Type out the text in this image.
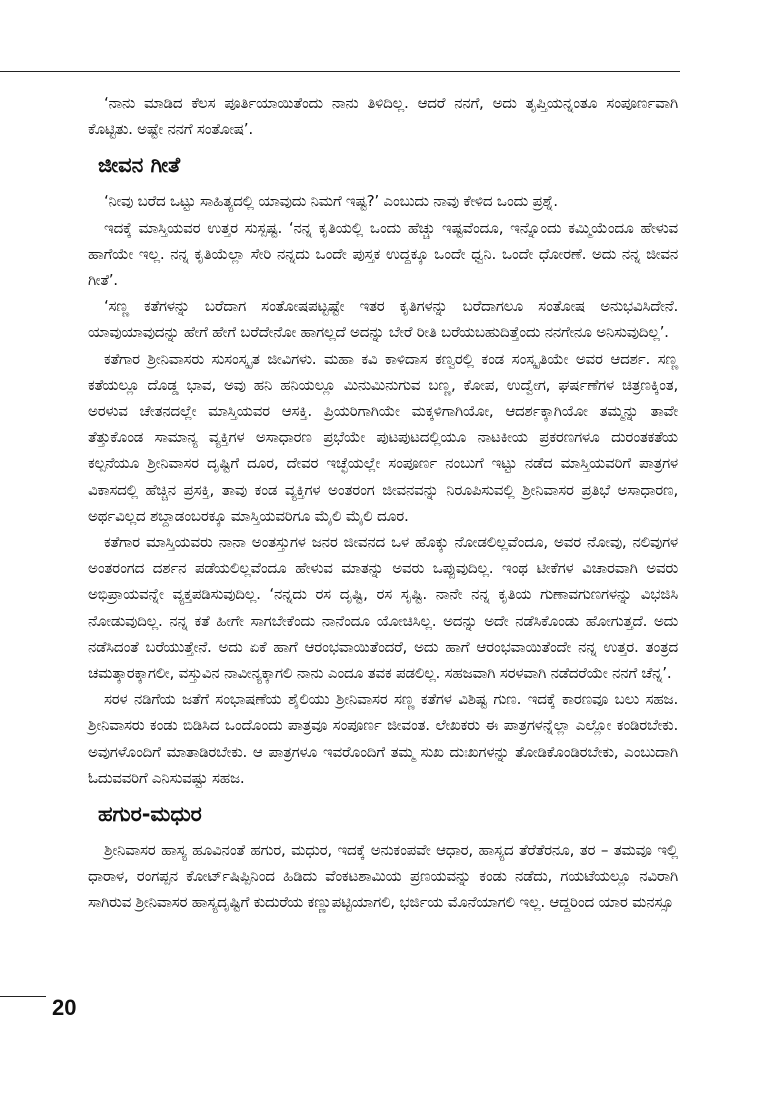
‘ನಾನು ಮಾಡಿದ ಕೆಲಸ ಪೂರ್ತಿಯಾಯಿತೆಂದು ನಾನು ತಿಳಿದಿಲ್ಲ. ಆದರೆ ನನಗೆ, ಅದು ತೃಪ್ತಿಯನ್ನಂತೂ ಸಂಪೂರ್ಣವಾಗಿ ಕೊಟ್ಟಿತು. ಅಷ್ಟೇ ನನಗೆ ಸಂತೋಷ’.

ಜೀವನ ಗೀತೆ

‘ನೀವು ಬರೆದ ಒಟ್ಟು ಸಾಹಿತ್ಯದಲ್ಲಿ ಯಾವುದು ನಿಮಗೆ ಇಷ್ಟ?’ ಎಂಬುದು ನಾವು ಕೇಳಿದ ಒಂದು ಪ್ರಶ್ನೆ.

ಇದಕ್ಕೆ ಮಾಸ್ತಿಯವರ ಉತ್ತರ ಸುಸ್ಪಷ್ಟ. ‘ನನ್ನ ಕೃತಿಯಲ್ಲಿ ಒಂದು ಹೆಚ್ಚು ಇಷ್ಟವೆಂದೂ, ಇನ್ನೊಂದು ಕಮ್ಮಿಯೆಂದೂ ಹೇಳುವ ಹಾಗೆಯೇ ಇಲ್ಲ. ನನ್ನ ಕೃತಿಯೆಲ್ಲಾ ಸೇರಿ ನನ್ನದು ಒಂದೇ ಪುಸ್ತಕ ಉದ್ದಕ್ಕೂ ಒಂದೇ ಧ್ವನಿ. ಒಂದೇ ಧೋರಣೆ. ಅದು ನನ್ನ ಜೀವನ ಗೀತೆ’.

‘ಸಣ್ಣ ಕತೆಗಳನ್ನು ಬರೆದಾಗ ಸಂತೋಷಪಟ್ಟಷ್ಟೇ ಇತರ ಕೃತಿಗಳನ್ನು ಬರೆದಾಗಲೂ ಸಂತೋಷ ಅನುಭವಿಸಿದೇನೆ. ಯಾವುಯಾವುದನ್ನು ಹೇಗೆ ಹೇಗೆ ಬರೆದೇನೋ ಹಾಗಲ್ಲದೆ ಅದನ್ನು ಬೇರೆ ರೀತಿ ಬರೆಯಬಹುದಿತ್ತೆಂದು ನನಗೇನೂ ಅನಿಸುವುದಿಲ್ಲ’.

ಕತೆಗಾರ ಶ್ರೀನಿವಾಸರು ಸುಸಂಸ್ಕೃತ ಜೀವಿಗಳು. ಮಹಾ ಕವಿ ಕಾಳಿದಾಸ ಕಣ್ವರಲ್ಲಿ ಕಂಡ ಸಂಸ್ಕೃತಿಯೇ ಅವರ ಆದರ್ಶ. ಸಣ್ಣ ಕತೆಯಲ್ಲೂ ದೊಡ್ಡ ಭಾವ, ಅವು ಹನಿ ಹನಿಯಲ್ಲೂ ಮಿನುಮಿನುಗುವ ಬಣ್ಣ, ಕೋಪ, ಉದ್ವೇಗ, ಘರ್ಷಣೆಗಳ ಚಿತ್ರಣಕ್ಕಿಂತ, ಅರಳುವ ಚೇತನದಲ್ಲೇ ಮಾಸ್ತಿಯವರ ಆಸಕ್ತಿ. ಪ್ರಿಯರಿಗಾಗಿಯೇ ಮಕ್ಕಳಿಗಾಗಿಯೋ, ಆದರ್ಶಕ್ಕಾಗಿಯೋ ತಮ್ಮನ್ನು ತಾವೇ ತೆತ್ತುಕೊಂಡ ಸಾಮಾನ್ಯ ವ್ಯಕ್ತಿಗಳ ಅಸಾಧಾರಣ ಪ್ರಭೆಯೇ ಪುಟಪುಟದಲ್ಲಿಯೂ ನಾಟಕೀಯ ಪ್ರಕರಣಗಳೂ ದುರಂತಕತೆಯ ಕಲ್ಪನೆಯೂ ಶ್ರೀನಿವಾಸರ ದೃಷ್ಟಿಗೆ ದೂರ, ದೇವರ ಇಚ್ಛೆಯಲ್ಲೇ ಸಂಪೂರ್ಣ ನಂಬುಗೆ ಇಟ್ಟು ನಡೆದ ಮಾಸ್ತಿಯವರಿಗೆ ಪಾತ್ರಗಳ ವಿಕಾಸದಲ್ಲಿ ಹೆಚ್ಚಿನ ಪ್ರಸಕ್ತಿ, ತಾವು ಕಂಡ ವ್ಯಕ್ತಿಗಳ ಅಂತರಂಗ ಜೀವನವನ್ನು ನಿರೂಪಿಸುವಲ್ಲಿ ಶ್ರೀನಿವಾಸರ ಪ್ರತಿಭೆ ಅಸಾಧಾರಣ, ಅರ್ಥವಿಲ್ಲದ ಶಬ್ದಾಡಂಬರಕ್ಕೂ ಮಾಸ್ತಿಯವರಿಗೂ ಮೈಲಿ ಮೈಲಿ ದೂರ.

ಕತೆಗಾರ ಮಾಸ್ತಿಯವರು ನಾನಾ ಅಂತಸ್ತುಗಳ ಜನರ ಜೀವನದ ಒಳ ಹೊಕ್ಕು ನೋಡಲಿಲ್ಲವೆಂದೂ, ಅವರ ನೋವು, ನಲಿವುಗಳ ಅಂತರಂಗದ ದರ್ಶನ ಪಡೆಯಲಿಲ್ಲವೆಂದೂ ಹೇಳುವ ಮಾತನ್ನು ಅವರು ಒಪ್ಪುವುದಿಲ್ಲ. ಇಂಥ ಟೀಕೆಗಳ ವಿಚಾರವಾಗಿ ಅವರು ಅಭಿಪ್ರಾಯವನ್ನೇ ವ್ಯಕ್ತಪಡಿಸುವುದಿಲ್ಲ. ‘ನನ್ನದು ರಸ ದೃಷ್ಟಿ, ರಸ ಸೃಷ್ಟಿ. ನಾನೇ ನನ್ನ ಕೃತಿಯ ಗುಣಾವಗುಣಗಳನ್ನು ವಿಭಜಿಸಿ ನೋಡುವುದಿಲ್ಲ. ನನ್ನ ಕತೆ ಹೀಗೇ ಸಾಗಬೇಕೆಂದು ನಾನೆಂದೂ ಯೋಚಿಸಿಲ್ಲ. ಅದನ್ನು ಅದೇ ನಡೆಸಿಕೊಂಡು ಹೋಗುತ್ತದೆ. ಅದು ನಡೆಸಿದಂತೆ ಬರೆಯುತ್ತೇನೆ. ಅದು ಏಕೆ ಹಾಗೆ ಆರಂಭವಾಯಿತೆಂದರೆ, ಅದು ಹಾಗೆ ಆರಂಭವಾಯಿತೆಂದೇ ನನ್ನ ಉತ್ತರ. ತಂತ್ರದ ಚಮತ್ಕಾರಕ್ಕಾಗಲೀ, ವಸ್ತುವಿನ ನಾವೀನ್ಯಕ್ಕಾಗಲಿ ನಾನು ಎಂದೂ ತವಕ ಪಡಲಿಲ್ಲ. ಸಹಜವಾಗಿ ಸರಳವಾಗಿ ನಡೆದರೆಯೇ ನನಗೆ ಚೆನ್ನ’.

ಸರಳ ನಡಿಗೆಯ ಜತೆಗೆ ಸಂಭಾಷಣೆಯ ಶೈಲಿಯು ಶ್ರೀನಿವಾಸರ ಸಣ್ಣ ಕತೆಗಳ ವಿಶಿಷ್ಟ ಗುಣ. ಇದಕ್ಕೆ ಕಾರಣವೂ ಬಲು ಸಹಜ. ಶ್ರೀನಿವಾಸರು ಕಂಡು ಬಿಡಿಸಿದ ಒಂದೊಂದು ಪಾತ್ರವೂ ಸಂಪೂರ್ಣ ಜೀವಂತ. ಲೇಖಕರು ಈ ಪಾತ್ರಗಳನ್ನೆಲ್ಲಾ ಎಲ್ಲೋ ಕಂಡಿರಬೇಕು. ಅವುಗಳೊಂದಿಗೆ ಮಾತಾಡಿರಬೇಕು. ಆ ಪಾತ್ರಗಳೂ ಇವರೊಂದಿಗೆ ತಮ್ಮ ಸುಖ ದುಃಖಗಳನ್ನು ತೋಡಿಕೊಂಡಿರಬೇಕು, ಎಂಬುದಾಗಿ ಓದುವವರಿಗೆ ಎನಿಸುವಷ್ಟು ಸಹಜ.

ಹಗುರ-ಮಧುರ

ಶ್ರೀನಿವಾಸರ ಹಾಸ್ಯ ಹೂವಿನಂತೆ ಹಗುರ, ಮಧುರ, ಇದಕ್ಕೆ ಅನುಕಂಪವೇ ಆಧಾರ, ಹಾಸ್ಯದ ತೆರೆತೆರನೂ, ತರ – ತಮವೂ ಇಲ್ಲಿ ಧಾರಾಳ, ರಂಗಪ್ಪನ ಕೋರ್ಟ್‌ಷಿಪ್ಪಿನಿಂದ ಹಿಡಿದು ವೆಂಕಟಶಾಮಿಯ ಪ್ರಣಯವನ್ನು ಕಂಡು ನಡೆದು, ಗಯಟೆಯಲ್ಲೂ ನವಿರಾಗಿ ಸಾಗಿರುವ ಶ್ರೀನಿವಾಸರ ಹಾಸ್ಯದೃಷ್ಟಿಗೆ ಕುದುರೆಯ ಕಣ್ಣುಪಟ್ಟಿಯಾಗಲಿ, ಭರ್ಜಿಯ ಮೊನೆಯಾಗಲಿ ಇಲ್ಲ. ಆದ್ದರಿಂದ ಯಾರ ಮನಸ್ಸೂ

20
